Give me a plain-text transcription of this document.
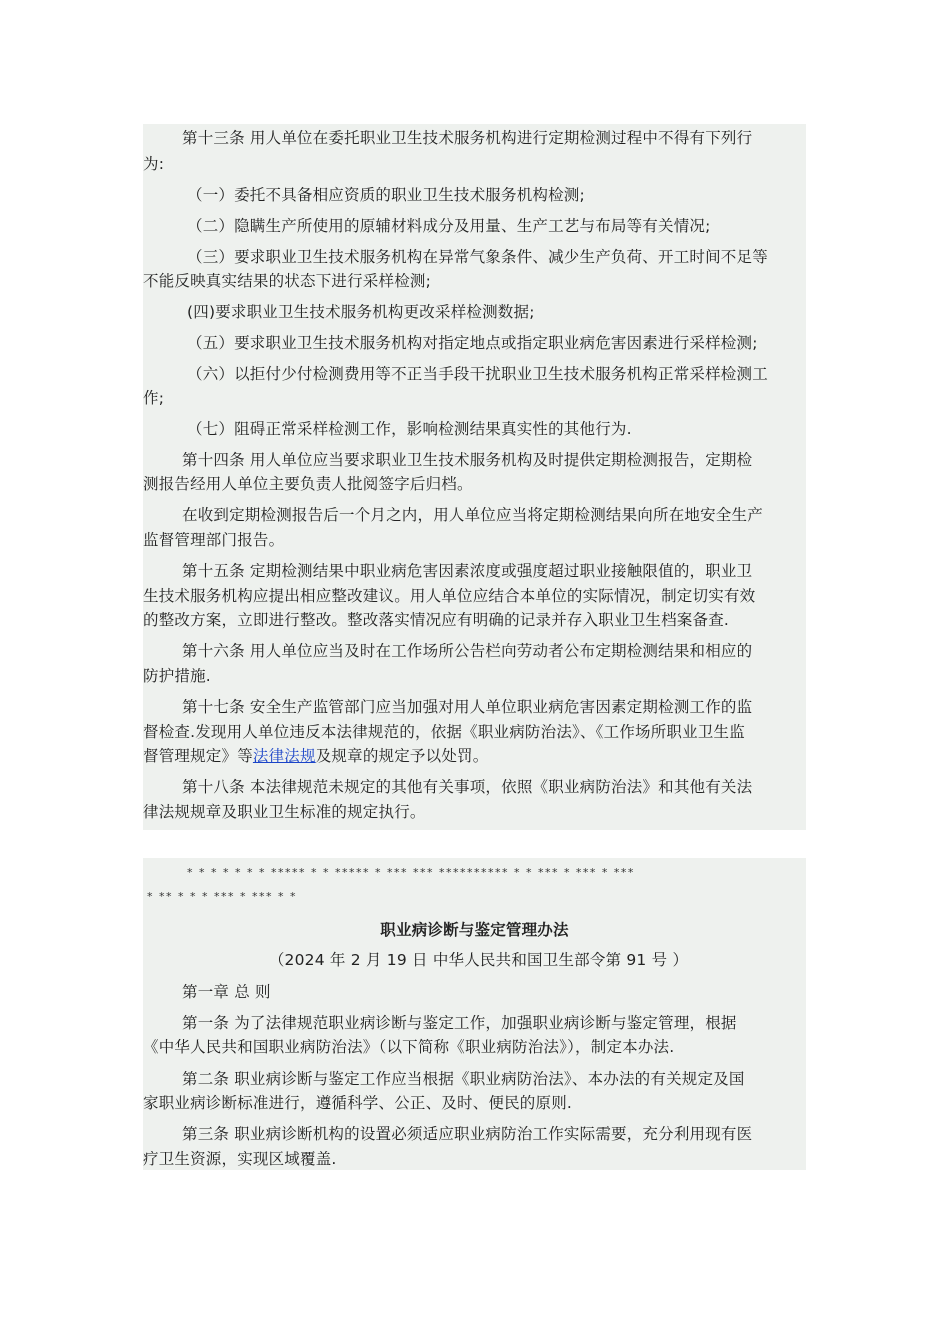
第十三条 用人单位在委托职业卫生技术服务机构进行定期检测过程中不得有下列行
为:
（一）委托不具备相应资质的职业卫生技术服务机构检测;
（二）隐瞒生产所使用的原辅材料成分及用量、生产工艺与布局等有关情况;
（三）要求职业卫生技术服务机构在异常气象条件、减少生产负荷、开工时间不足等
不能反映真实结果的状态下进行采样检测;
(四)要求职业卫生技术服务机构更改采样检测数据;
（五）要求职业卫生技术服务机构对指定地点或指定职业病危害因素进行采样检测;
（六）以拒付少付检测费用等不正当手段干扰职业卫生技术服务机构正常采样检测工
作;
（七）阻碍正常采样检测工作，影响检测结果真实性的其他行为.
第十四条 用人单位应当要求职业卫生技术服务机构及时提供定期检测报告，定期检
测报告经用人单位主要负责人批阅签字后归档。
在收到定期检测报告后一个月之内，用人单位应当将定期检测结果向所在地安全生产
监督管理部门报告。
第十五条 定期检测结果中职业病危害因素浓度或强度超过职业接触限值的，职业卫
生技术服务机构应提出相应整改建议。用人单位应结合本单位的实际情况，制定切实有效
的整改方案，立即进行整改。整改落实情况应有明确的记录并存入职业卫生档案备查.
第十六条 用人单位应当及时在工作场所公告栏向劳动者公布定期检测结果和相应的
防护措施.
第十七条 安全生产监管部门应当加强对用人单位职业病危害因素定期检测工作的监
督检查.发现用人单位违反本法律规范的，依据《职业病防治法》、《工作场所职业卫生监
督管理规定》等法律法规及规章的规定予以处罚。
第十八条 本法律规范未规定的其他有关事项，依照《职业病防治法》和其他有关法
律法规规章及职业卫生标准的规定执行。
* * * * * * * ***** * * ***** * *** *** ********** * * *** * *** * ***
* ** * * * *** * *** * *
职业病诊断与鉴定管理办法
（2024 年 2 月 19 日 中华人民共和国卫生部令第 91 号 ）
第一章 总 则
第一条 为了法律规范职业病诊断与鉴定工作，加强职业病诊断与鉴定管理，根据
《中华人民共和国职业病防治法》（以下简称《职业病防治法》），制定本办法.
第二条 职业病诊断与鉴定工作应当根据《职业病防治法》、本办法的有关规定及国
家职业病诊断标准进行，遵循科学、公正、及时、便民的原则.
第三条 职业病诊断机构的设置必须适应职业病防治工作实际需要，充分利用现有医
疗卫生资源，实现区域覆盖.
